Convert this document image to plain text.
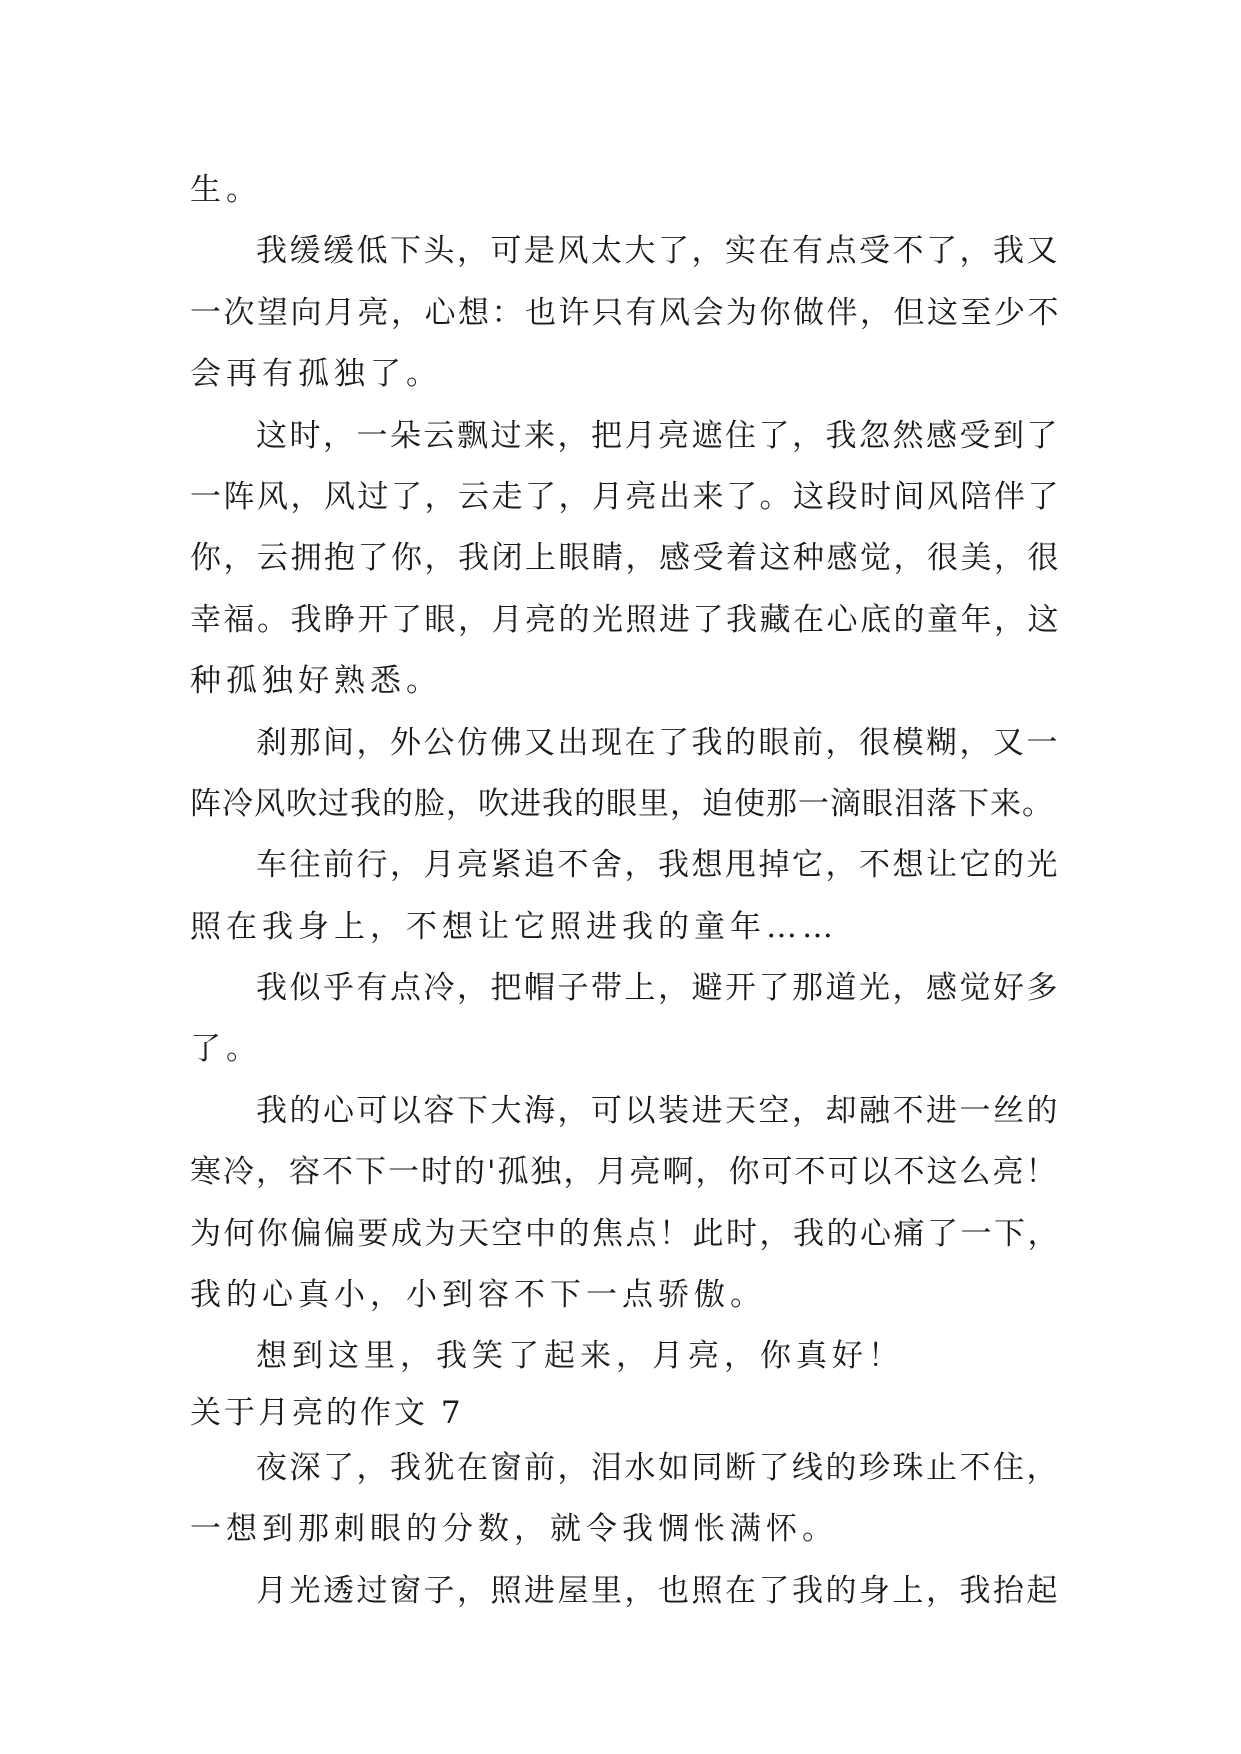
生。
我缓缓低下头，可是风太大了，实在有点受不了，我又
一次望向月亮，心想：也许只有风会为你做伴，但这至少不
会再有孤独了。
这时，一朵云飘过来，把月亮遮住了，我忽然感受到了
一阵风，风过了，云走了，月亮出来了。这段时间风陪伴了
你，云拥抱了你，我闭上眼睛，感受着这种感觉，很美，很
幸福。我睁开了眼，月亮的光照进了我藏在心底的童年，这
种孤独好熟悉。
刹那间，外公仿佛又出现在了我的眼前，很模糊，又一
阵冷风吹过我的脸，吹进我的眼里，迫使那一滴眼泪落下来。
车往前行，月亮紧追不舍，我想甩掉它，不想让它的光
照在我身上，不想让它照进我的童年……
我似乎有点冷，把帽子带上，避开了那道光，感觉好多
了。
我的心可以容下大海，可以装进天空，却融不进一丝的
寒冷，容不下一时的'孤独，月亮啊，你可不可以不这么亮！
为何你偏偏要成为天空中的焦点！此时，我的心痛了一下，
我的心真小，小到容不下一点骄傲。
想到这里，我笑了起来，月亮，你真好！
关于月亮的作文 7
夜深了，我犹在窗前，泪水如同断了线的珍珠止不住，
一想到那刺眼的分数，就令我惆怅满怀。
月光透过窗子，照进屋里，也照在了我的身上，我抬起
